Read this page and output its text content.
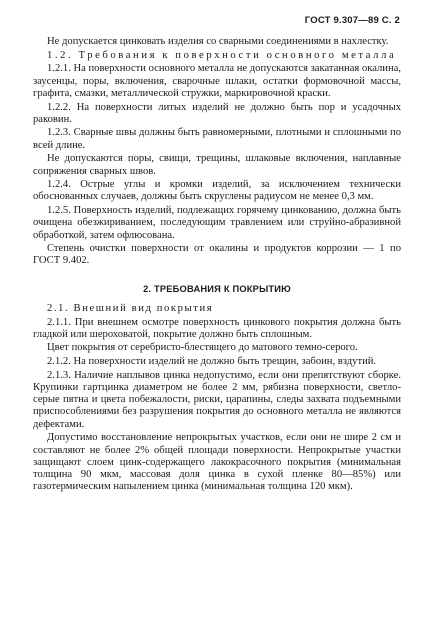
ГОСТ 9.307—89 С. 2

Не допускается цинковать изделия со сварными соединениями в нахлестку.

1.2. Требования к поверхности основного металла

1.2.1. На поверхности основного металла не допускаются закатанная окалина, заусенцы, поры, включения, сварочные шлаки, остатки формовочной массы, графита, смазки, металлической стружки, маркировочной краски.

1.2.2. На поверхности литых изделий не должно быть пор и усадочных раковин.

1.2.3. Сварные швы должны быть равномерными, плотными и сплошными по всей длине.

Не допускаются поры, свищи, трещины, шлаковые включения, наплавные сопряжения сварных швов.

1.2.4. Острые углы и кромки изделий, за исключением технически обоснованных случаев, должны быть скруглены радиусом не менее 0,3 мм.

1.2.5. Поверхность изделий, подлежащих горячему цинкованию, должна быть очищена обезжириванием, последующим травлением или струйно-абразивной обработкой, затем офлюсована.

Степень очистки поверхности от окалины и продуктов коррозии — 1 по ГОСТ 9.402.

2. ТРЕБОВАНИЯ К ПОКРЫТИЮ

2.1. Внешний вид покрытия

2.1.1. При внешнем осмотре поверхность цинкового покрытия должна быть гладкой или шероховатой, покрытие должно быть сплошным.

Цвет покрытия от серебристо-блестящего до матового темно-серого.

2.1.2. На поверхности изделий не должно быть трещин, забоин, вздутий.

2.1.3. Наличие наплывов цинка недопустимо, если они препятствуют сборке. Крупинки гартцинка диаметром не более 2 мм, рябизна поверхности, светло-серые пятна и цвета побежалости, риски, царапины, следы захвата подъемными приспособлениями без разрушения покрытия до основного металла не являются дефектами.

Допустимо восстановление непрокрытых участков, если они не шире 2 см и составляют не более 2% общей площади поверхности. Непрокрытые участки защищают слоем цинк-содержащего лакокрасочного покрытия (минимальная толщина 90 мкм, массовая доля цинка в сухой пленке 80—85%) или газотермическим напылением цинка (минимальная толщина 120 мкм).
